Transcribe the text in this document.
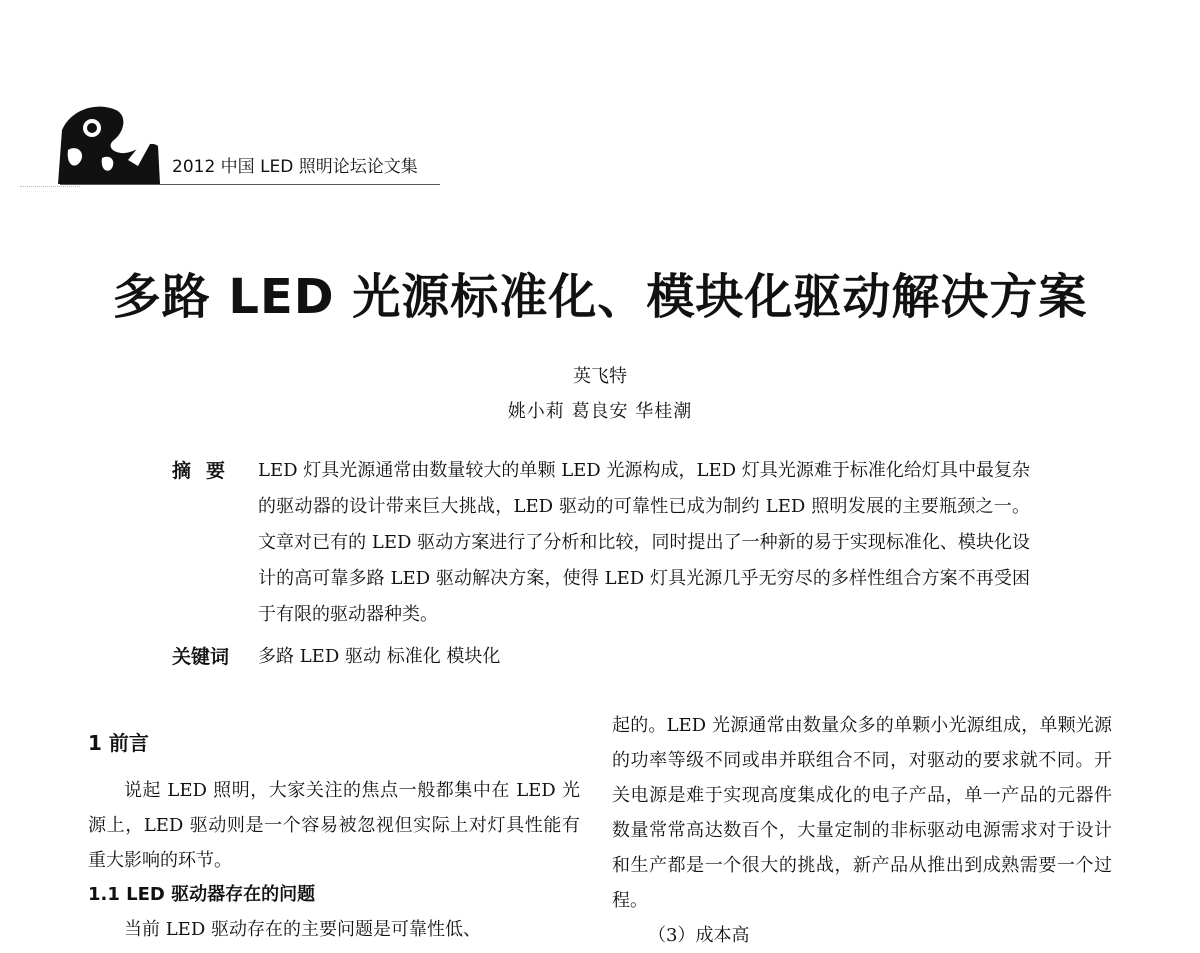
2012 中国 LED 照明论坛论文集
多路 LED 光源标准化、模块化驱动解决方案
英飞特
姚小莉 葛良安 华桂潮
摘要 LED 灯具光源通常由数量较大的单颗 LED 光源构成，LED 灯具光源难于标准化给灯具中最复杂的驱动器的设计带来巨大挑战，LED 驱动的可靠性已成为制约 LED 照明发展的主要瓶颈之一。文章对已有的 LED 驱动方案进行了分析和比较，同时提出了一种新的易于实现标准化、模块化设计的高可靠多路 LED 驱动解决方案，使得 LED 灯具光源几乎无穷尽的多样性组合方案不再受困于有限的驱动器种类。
关键词 多路 LED 驱动 标准化 模块化
1 前言

说起 LED 照明，大家关注的焦点一般都集中在 LED 光源上，LED 驱动则是一个容易被忽视但实际上对灯具性能有重大影响的环节。

1.1 LED 驱动器存在的问题

当前 LED 驱动存在的主要问题是可靠性低、

起的。LED 光源通常由数量众多的单颗小光源组成，单颗光源的功率等级不同或串并联组合不同，对驱动的要求就不同。开关电源是难于实现高度集成化的电子产品，单一产品的元器件数量常常高达数百个，大量定制的非标驱动电源需求对于设计和生产都是一个很大的挑战，新产品从推出到成熟需要一个过程。

（3）成本高
